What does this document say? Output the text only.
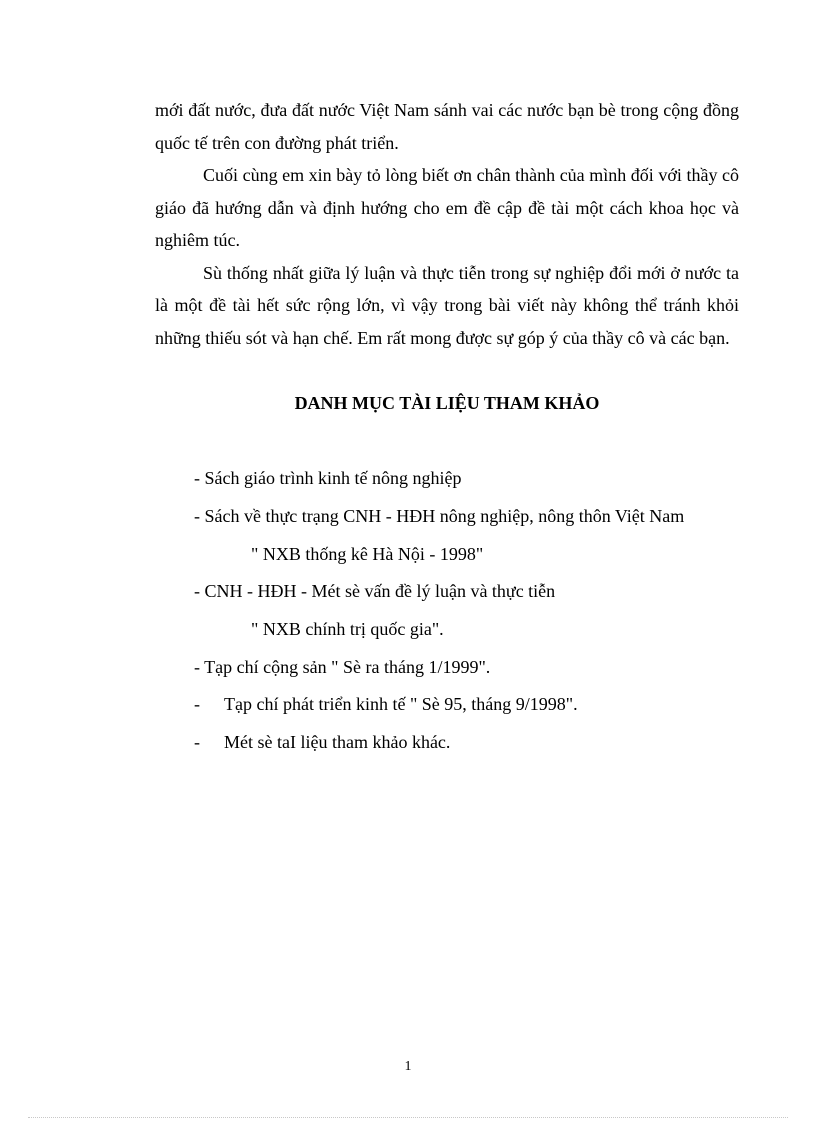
mới đất nước, đưa đất nước Việt Nam sánh vai các nước bạn bè trong cộng đồng quốc tế trên con đường phát triển.

Cuối cùng em xin bày tỏ lòng biết ơn chân thành của mình đối với thầy cô giáo đã hướng dẫn và định hướng cho em đề cập đề tài một cách khoa học và nghiêm túc.

Sù thống nhất giữa lý luận và thực tiễn trong sự nghiệp đổi mới ở nước ta là một đề tài hết sức rộng lớn, vì vậy trong bài viết này không thể tránh khỏi những thiếu sót và hạn chế. Em rất mong được sự góp ý của thầy cô và các bạn.

DANH MỤC TÀI LIỆU THAM KHẢO
- Sách giáo trình kinh tế nông nghiệp
- Sách về thực trạng CNH - HĐH nông nghiệp, nông thôn Việt Nam
" NXB thống kê Hà Nội - 1998"
- CNH - HĐH - Mét sè vấn đề lý luận và thực tiễn
" NXB chính trị quốc gia".
- Tạp chí cộng sản " Sè ra tháng 1/1999".
- Tạp chí phát triển kinh tế " Sè 95, tháng 9/1998".
- Mét sè taI liệu tham khảo khác.
1
